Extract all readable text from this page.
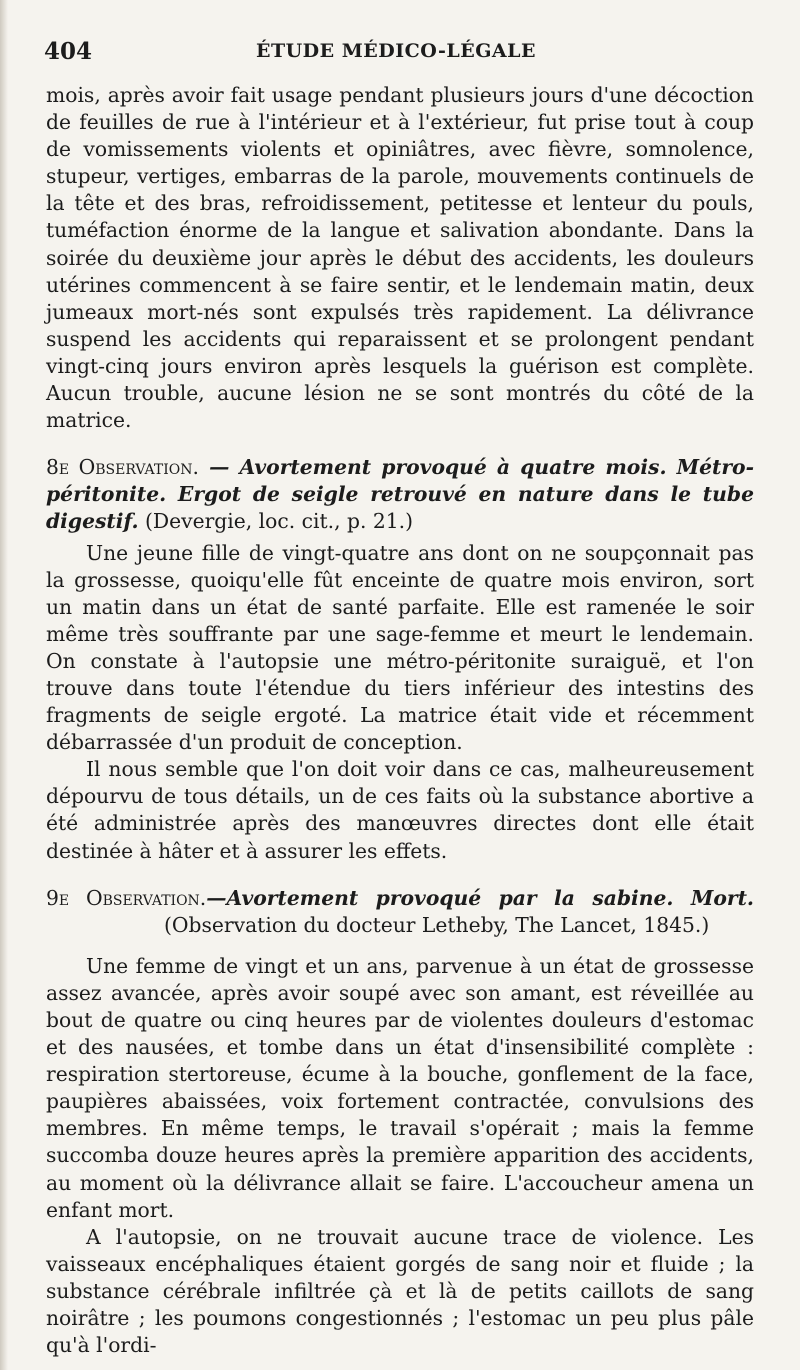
404	ÉTUDE MÉDICO-LÉGALE

mois, après avoir fait usage pendant plusieurs jours d'une décoction de feuilles de rue à l'intérieur et à l'extérieur, fut prise tout à coup de vomissements violents et opiniâtres, avec fièvre, somnolence, stupeur, vertiges, embarras de la parole, mouvements continuels de la tête et des bras, refroidissement, petitesse et lenteur du pouls, tuméfaction énorme de la langue et salivation abondante. Dans la soirée du deuxième jour après le début des accidents, les douleurs utérines commencent à se faire sentir, et le lendemain matin, deux jumeaux mort-nés sont expulsés très rapidement. La délivrance suspend les accidents qui reparaissent et se prolongent pendant vingt-cinq jours environ après lesquels la guérison est complète. Aucun trouble, aucune lésion ne se sont montrés du côté de la matrice.

8e Observation. — Avortement provoqué à quatre mois. Métro-péritonite. Ergot de seigle retrouvé en nature dans le tube digestif. (Devergie, loc. cit., p. 21.)

Une jeune fille de vingt-quatre ans dont on ne soupçonnait pas la grossesse, quoiqu'elle fût enceinte de quatre mois environ, sort un matin dans un état de santé parfaite. Elle est ramenée le soir même très souffrante par une sage-femme et meurt le lendemain. On constate à l'autopsie une métro-péritonite suraiguë, et l'on trouve dans toute l'étendue du tiers inférieur des intestins des fragments de seigle ergoté. La matrice était vide et récemment débarrassée d'un produit de conception.

Il nous semble que l'on doit voir dans ce cas, malheureusement dépourvu de tous détails, un de ces faits où la substance abortive a été administrée après des manœuvres directes dont elle était destinée à hâter et à assurer les effets.

9e Observation.—Avortement provoqué par la sabine. Mort. (Observation du docteur Letheby, The Lancet, 1845.)

Une femme de vingt et un ans, parvenue à un état de grossesse assez avancée, après avoir soupé avec son amant, est réveillée au bout de quatre ou cinq heures par de violentes douleurs d'estomac et des nausées, et tombe dans un état d'insensibilité complète : respiration stertoreuse, écume à la bouche, gonflement de la face, paupières abaissées, voix fortement contractée, convulsions des membres. En même temps, le travail s'opérait ; mais la femme succomba douze heures après la première apparition des accidents, au moment où la délivrance allait se faire. L'accoucheur amena un enfant mort.

A l'autopsie, on ne trouvait aucune trace de violence. Les vaisseaux encéphaliques étaient gorgés de sang noir et fluide ; la substance cérébrale infiltrée çà et là de petits caillots de sang noirâtre ; les poumons congestionnés ; l'estomac un peu plus pâle qu'à l'ordi-
